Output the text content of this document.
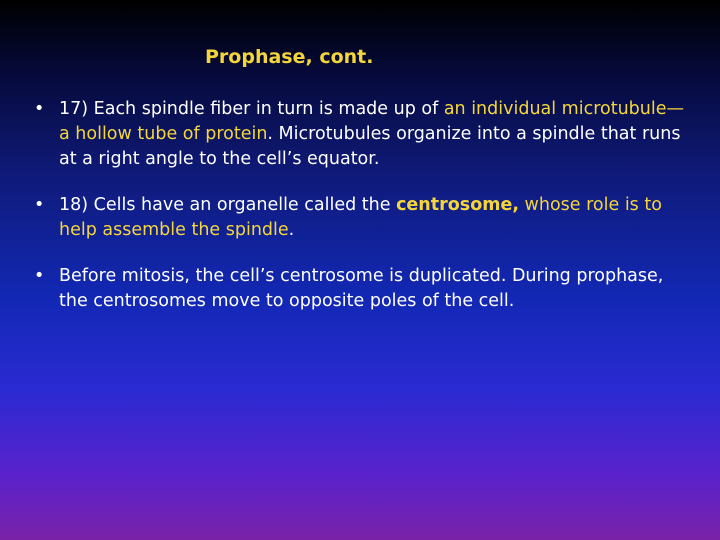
Prophase, cont.
• 17) Each spindle fiber in turn is made up of an individual microtubule—a hollow tube of protein. Microtubules organize into a spindle that runs at a right angle to the cell’s equator.
• 18) Cells have an organelle called the centrosome, whose role is to help assemble the spindle.
• Before mitosis, the cell’s centrosome is duplicated. During prophase, the centrosomes move to opposite poles of the cell.
